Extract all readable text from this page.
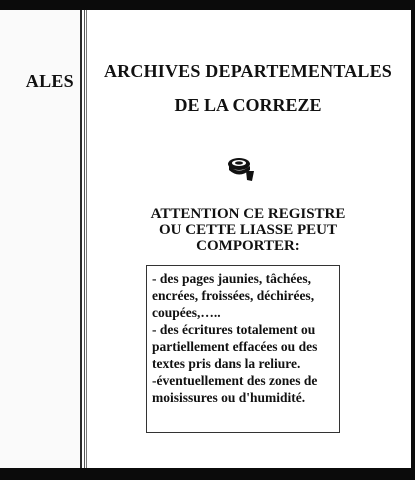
ALES	ARCHIVES DEPARTEMENTALES
DE LA CORREZE
ATTENTION CE REGISTRE
OU CETTE LIASSE PEUT
COMPORTER:
- des pages jaunies, tâchées, encrées, froissées, déchirées, coupées,…..
- des écritures totalement ou partiellement effacées ou des textes pris dans la reliure.
-éventuellement des zones de moisissures ou d'humidité.
